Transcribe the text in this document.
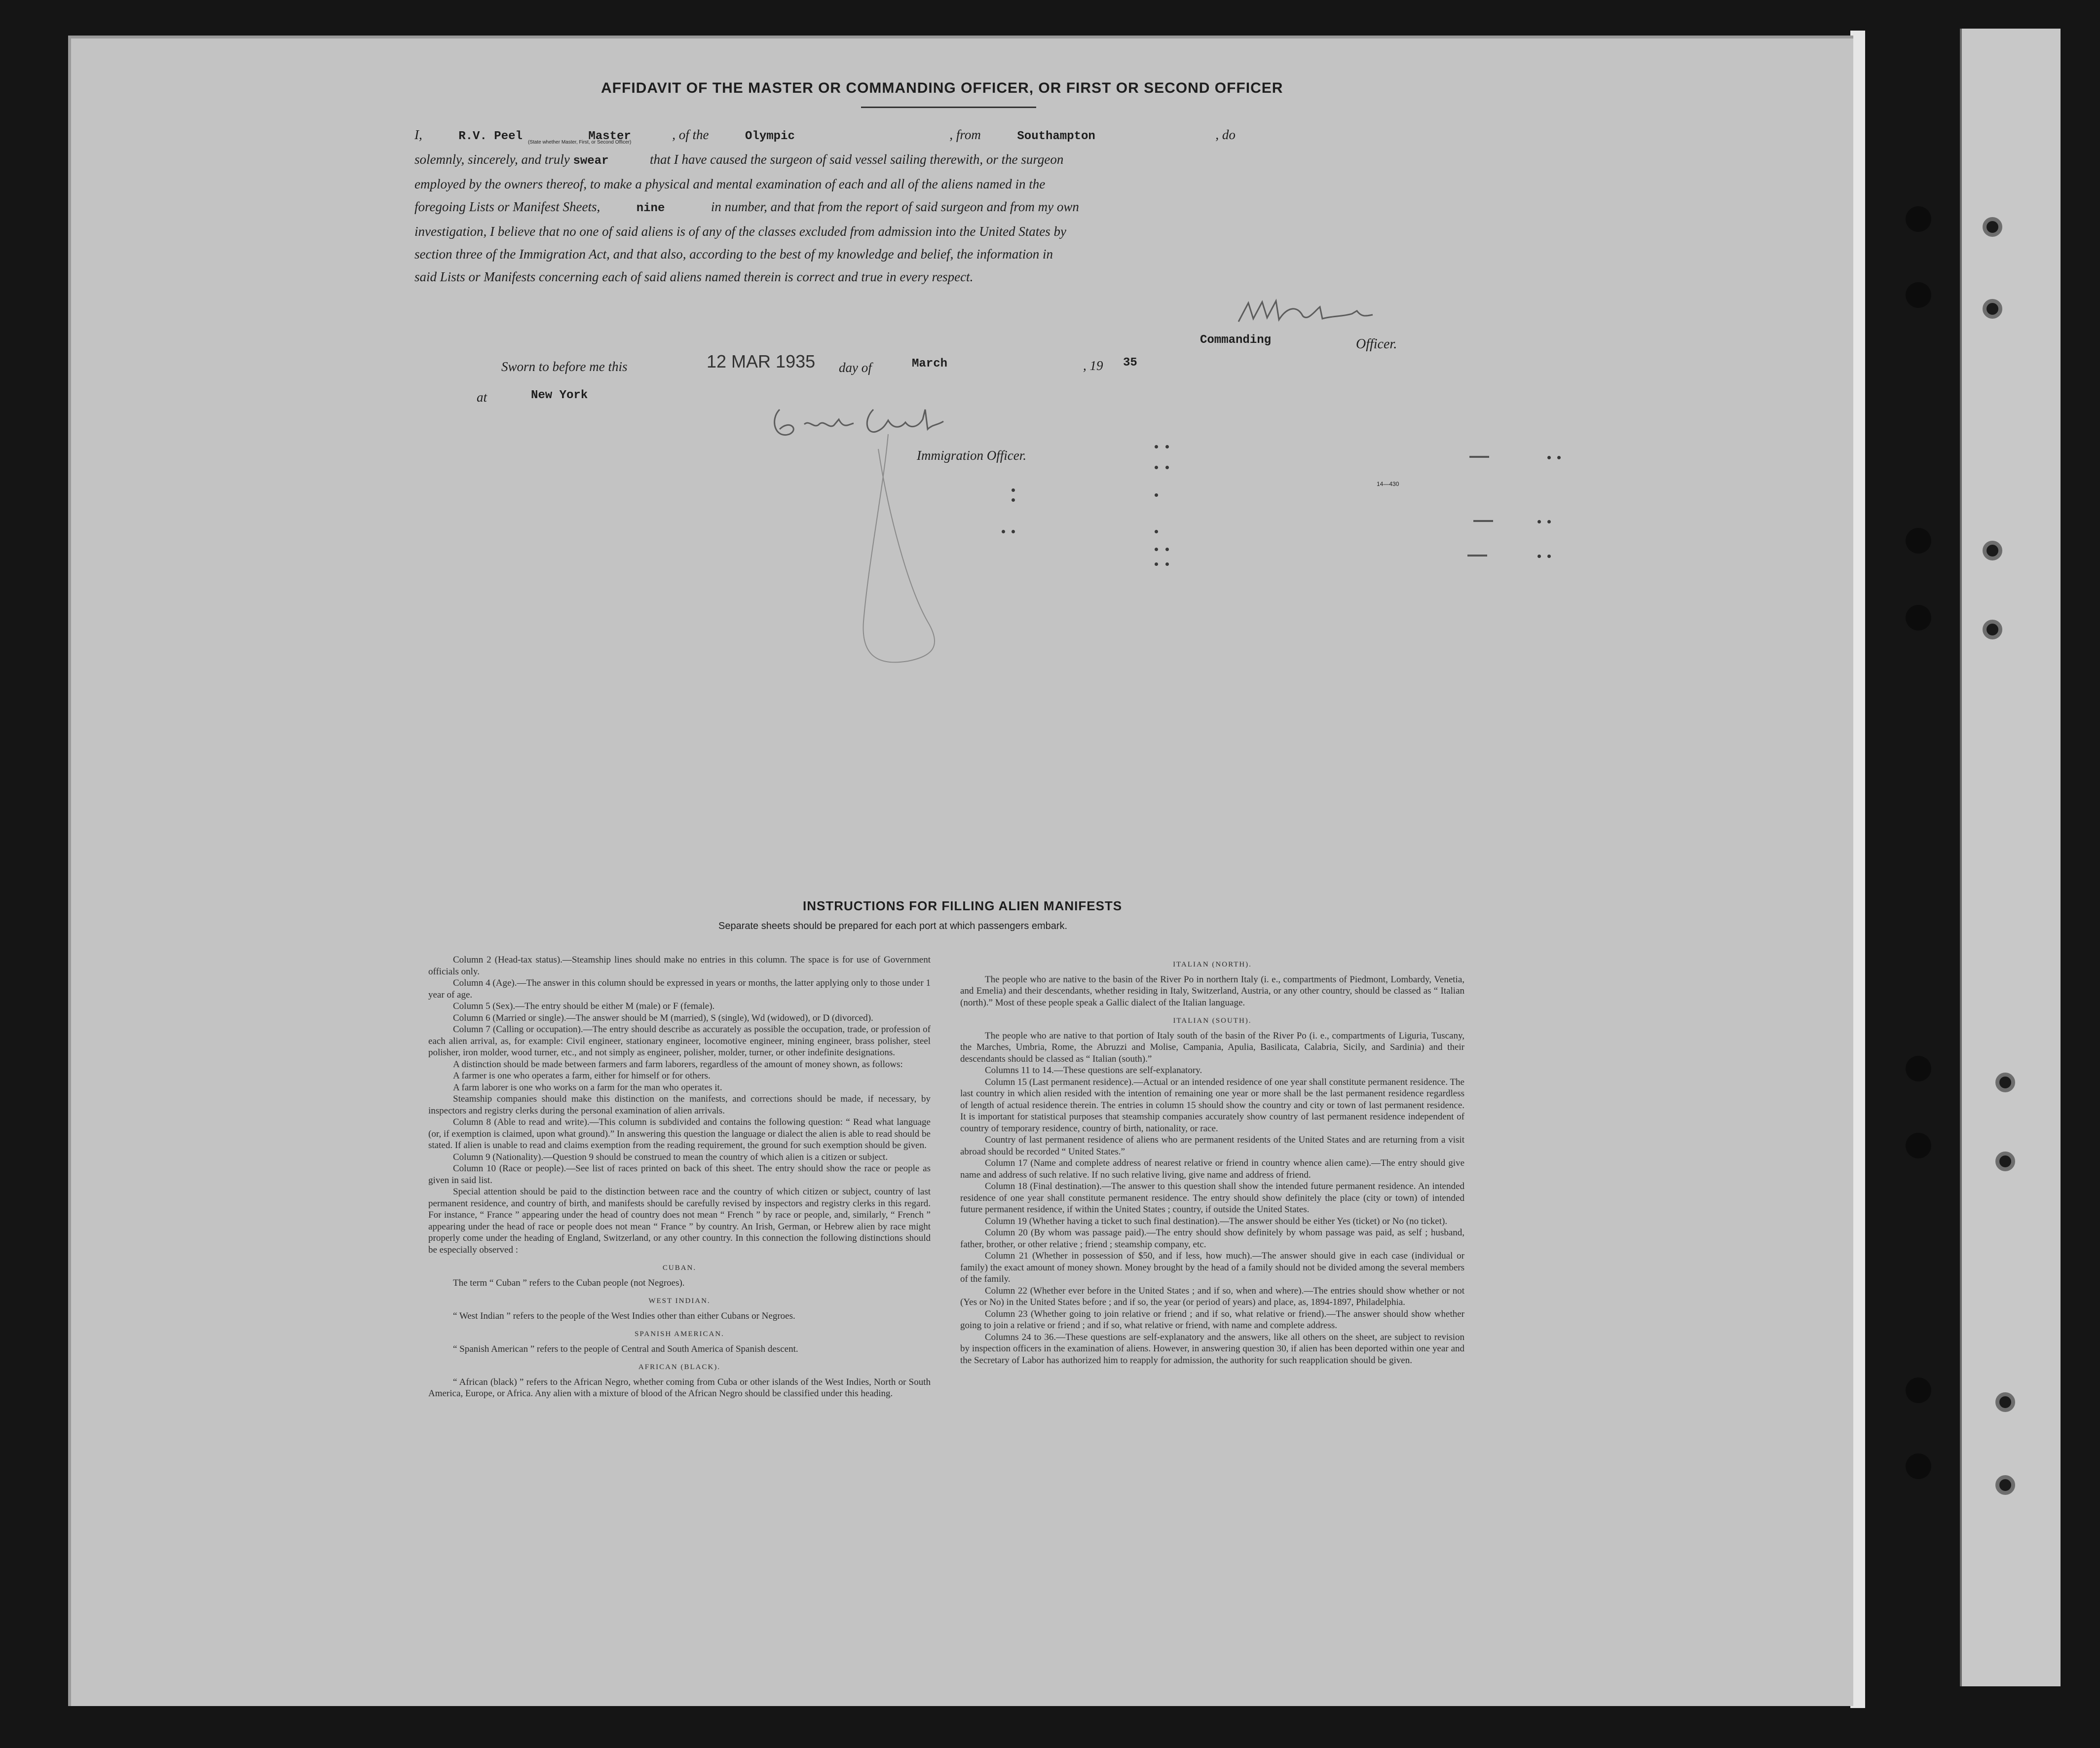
AFFIDAVIT OF THE MASTER OR COMMANDING OFFICER, OR FIRST OR SECOND OFFICER

I,	R.V. Peel	Master	, of the	Olympic	, from	Southampton	, do

solemnly, sincerely, and truly swear	that I have caused the surgeon of said vessel sailing therewith, or the surgeon

employed by the owners thereof, to make a physical and mental examination of each and all of the aliens named in the

foregoing Lists or Manifest Sheets,	nine	in number, and that from the report of said surgeon and from my own

investigation, I believe that no one of said aliens is of any of the classes excluded from admission into the United States by

section three of the Immigration Act, and that also, according to the best of my knowledge and belief, the information in

said Lists or Manifests concerning each of said aliens named therein is correct and true in every respect.

(State whether Master, First, or Second Officer)
Commanding	Officer.
Sworn to before me this	12 MAR 1935 day of	March	, 19 35
at	New York
Immigration Officer.
14—430
INSTRUCTIONS FOR FILLING ALIEN MANIFESTS
Separate sheets should be prepared for each port at which passengers embark.

Column 2 (Head-tax status).—Steamship lines should make no entries in this column. The space is for use of Government officials only.

Column 4 (Age).—The answer in this column should be expressed in years or months, the latter applying only to those under 1 year of age.

Column 5 (Sex).—The entry should be either M (male) or F (female).

Column 6 (Married or single).—The answer should be M (married), S (single), Wd (widowed), or D (divorced).

Column 7 (Calling or occupation).—The entry should describe as accurately as possible the occupation, trade, or profession of each alien arrival, as, for example: Civil engineer, stationary engineer, locomotive engineer, mining engineer, brass polisher, steel polisher, iron molder, wood turner, etc., and not simply as engineer, polisher, molder, turner, or other indefinite designations.

A distinction should be made between farmers and farm laborers, regardless of the amount of money shown, as follows:

A farmer is one who operates a farm, either for himself or for others.

A farm laborer is one who works on a farm for the man who operates it.

Steamship companies should make this distinction on the manifests, and corrections should be made, if necessary, by inspectors and registry clerks during the personal examination of alien arrivals.

Column 8 (Able to read and write).—This column is subdivided and contains the following question: “ Read what language (or, if exemption is claimed, upon what ground).” In answering this question the language or dialect the alien is able to read should be stated. If alien is unable to read and claims exemption from the reading requirement, the ground for such exemption should be given.

Column 9 (Nationality).—Question 9 should be construed to mean the country of which alien is a citizen or subject.

Column 10 (Race or people).—See list of races printed on back of this sheet. The entry should show the race or people as given in said list.

Special attention should be paid to the distinction between race and the country of which citizen or subject, country of last permanent residence, and country of birth, and manifests should be carefully revised by inspectors and registry clerks in this regard. For instance, “ France ” appearing under the head of country does not mean “ French ” by race or people, and, similarly, “ French ” appearing under the head of race or people does not mean “ France ” by country. An Irish, German, or Hebrew alien by race might properly come under the heading of England, Switzerland, or any other country. In this connection the following distinctions should be especially observed :

CUBAN.

The term “ Cuban ” refers to the Cuban people (not Negroes).

WEST INDIAN.

“ West Indian ” refers to the people of the West Indies other than either Cubans or Negroes.

SPANISH AMERICAN.

“ Spanish American ” refers to the people of Central and South America of Spanish descent.

AFRICAN (BLACK).

“ African (black) ” refers to the African Negro, whether coming from Cuba or other islands of the West Indies, North or South America, Europe, or Africa. Any alien with a mixture of blood of the African Negro should be classified under this heading.

ITALIAN (NORTH).

The people who are native to the basin of the River Po in northern Italy (i. e., compartments of Piedmont, Lombardy, Venetia, and Emelia) and their descendants, whether residing in Italy, Switzerland, Austria, or any other country, should be classed as “ Italian (north).” Most of these people speak a Gallic dialect of the Italian language.

ITALIAN (SOUTH).

The people who are native to that portion of Italy south of the basin of the River Po (i. e., compartments of Liguria, Tuscany, the Marches, Umbria, Rome, the Abruzzi and Molise, Campania, Apulia, Basilicata, Calabria, Sicily, and Sardinia) and their descendants should be classed as “ Italian (south).”

Columns 11 to 14.—These questions are self-explanatory.

Column 15 (Last permanent residence).—Actual or an intended residence of one year shall constitute permanent residence. The last country in which alien resided with the intention of remaining one year or more shall be the last permanent residence regardless of length of actual residence therein. The entries in column 15 should show the country and city or town of last permanent residence. It is important for statistical purposes that steamship companies accurately show country of last permanent residence independent of country of temporary residence, country of birth, nationality, or race.

Country of last permanent residence of aliens who are permanent residents of the United States and are returning from a visit abroad should be recorded “ United States.”

Column 17 (Name and complete address of nearest relative or friend in country whence alien came).—The entry should give name and address of such relative. If no such relative living, give name and address of friend.

Column 18 (Final destination).—The answer to this question shall show the intended future permanent residence. An intended residence of one year shall constitute permanent residence. The entry should show definitely the place (city or town) of intended future permanent residence, if within the United States ; country, if outside the United States.

Column 19 (Whether having a ticket to such final destination).—The answer should be either Yes (ticket) or No (no ticket).

Column 20 (By whom was passage paid).—The entry should show definitely by whom passage was paid, as self ; husband, father, brother, or other relative ; friend ; steamship company, etc.

Column 21 (Whether in possession of $50, and if less, how much).—The answer should give in each case (individual or family) the exact amount of money shown. Money brought by the head of a family should not be divided among the several members of the family.

Column 22 (Whether ever before in the United States ; and if so, when and where).—The entries should show whether or not (Yes or No) in the United States before ; and if so, the year (or period of years) and place, as, 1894-1897, Philadelphia.

Column 23 (Whether going to join relative or friend ; and if so, what relative or friend).—The answer should show whether going to join a relative or friend ; and if so, what relative or friend, with name and complete address.

Columns 24 to 36.—These questions are self-explanatory and the answers, like all others on the sheet, are subject to revision by inspection officers in the examination of aliens. However, in answering question 30, if alien has been deported within one year and the Secretary of Labor has authorized him to reapply for admission, the authority for such reapplication should be given.
